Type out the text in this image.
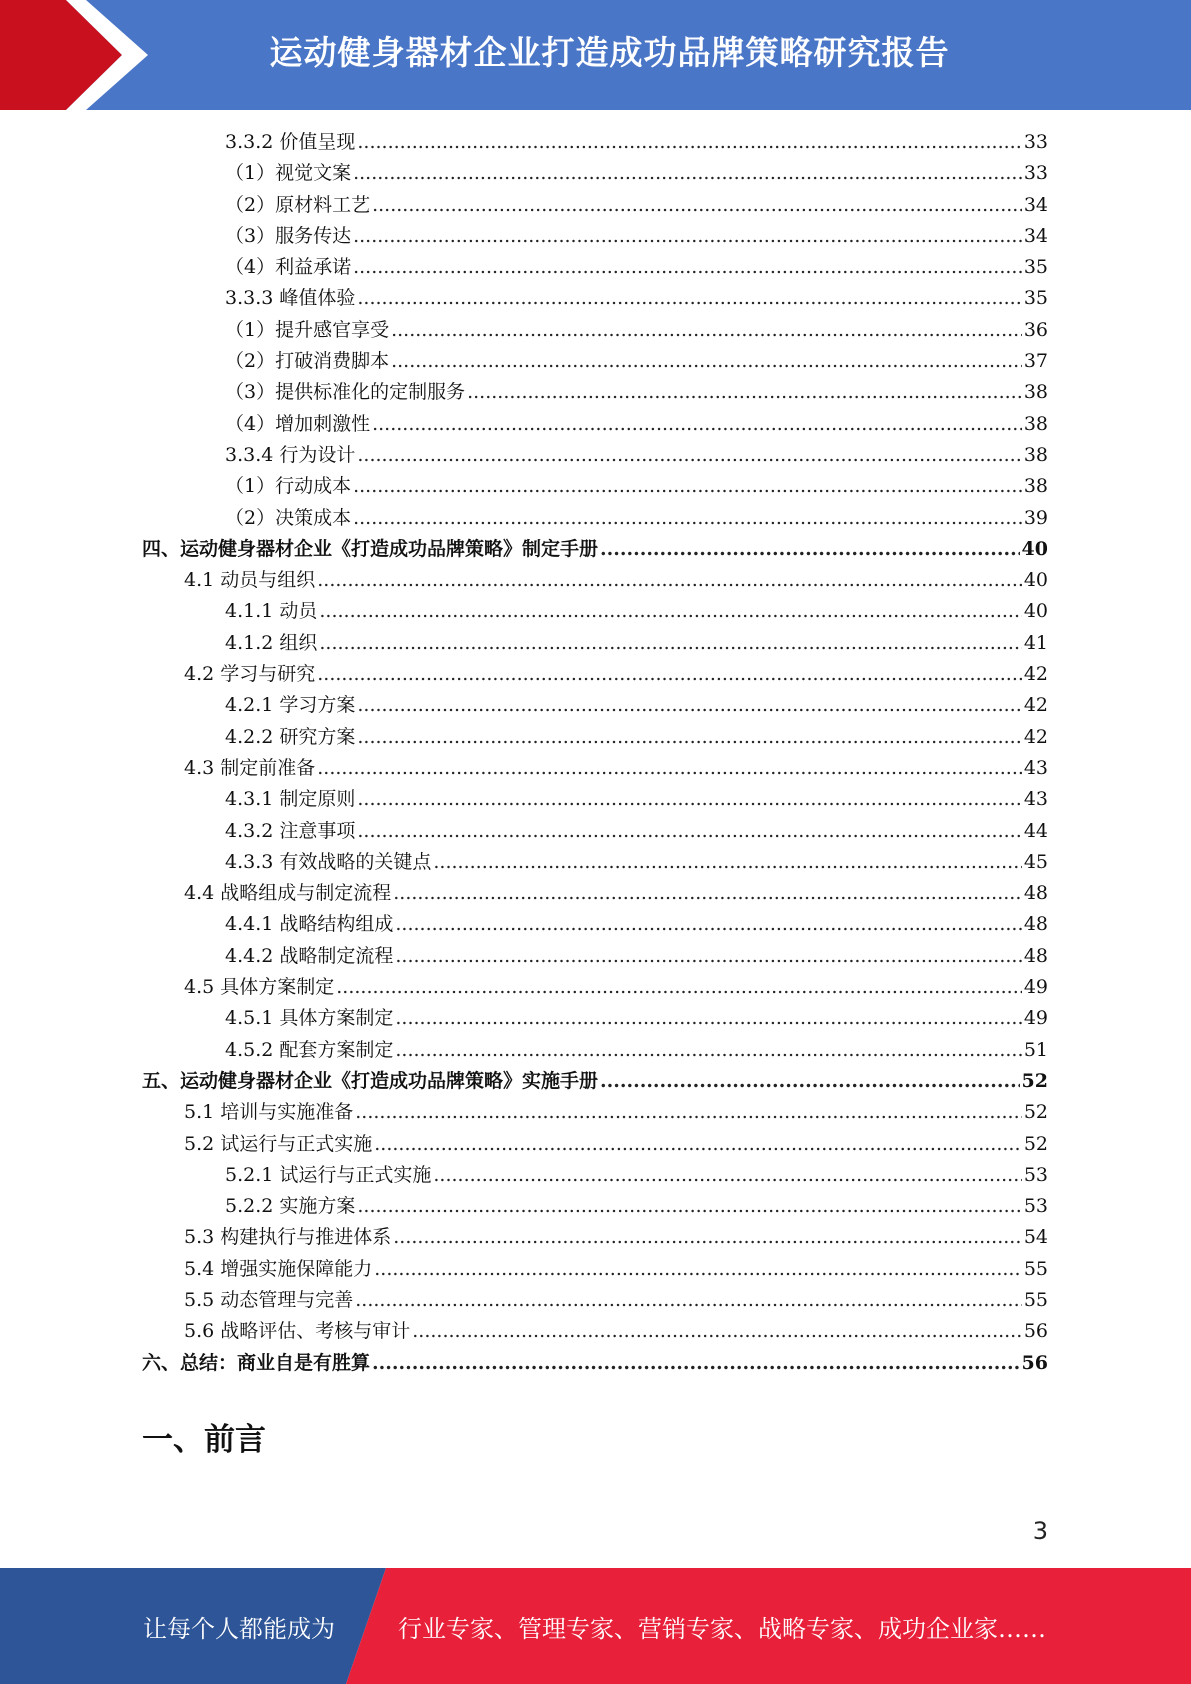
运动健身器材企业打造成功品牌策略研究报告
3.3.2 价值呈现 .....	33
（1）视觉文案 .....	33
（2）原材料工艺 .....	34
（3）服务传达 .....	34
（4）利益承诺 .....	35
3.3.3 峰值体验 .....	35
（1）提升感官享受 .....	36
（2）打破消费脚本 .....	37
（3）提供标准化的定制服务 .....	38
（4）增加刺激性 .....	38
3.3.4 行为设计 .....	38
（1）行动成本 .....	38
（2）决策成本 .....	39
四、运动健身器材企业《打造成功品牌策略》制定手册 .....	40
4.1 动员与组织 .....	40
4.1.1 动员 .....	40
4.1.2 组织 .....	41
4.2 学习与研究 .....	42
4.2.1 学习方案 .....	42
4.2.2 研究方案 .....	42
4.3 制定前准备 .....	43
4.3.1 制定原则 .....	43
4.3.2 注意事项 .....	44
4.3.3 有效战略的关键点 .....	45
4.4 战略组成与制定流程 .....	48
4.4.1 战略结构组成 .....	48
4.4.2 战略制定流程 .....	48
4.5 具体方案制定 .....	49
4.5.1 具体方案制定 .....	49
4.5.2 配套方案制定 .....	51
五、运动健身器材企业《打造成功品牌策略》实施手册 .....	52
5.1 培训与实施准备 .....	52
5.2 试运行与正式实施 .....	52
5.2.1 试运行与正式实施 .....	53
5.2.2 实施方案 .....	53
5.3 构建执行与推进体系 .....	54
5.4 增强实施保障能力 .....	55
5.5 动态管理与完善 .....	55
5.6 战略评估、考核与审计 .....	56
六、总结：商业自是有胜算 .....	56
一、前言
3
让每个人都能成为	行业专家、管理专家、营销专家、战略专家、成功企业家……
